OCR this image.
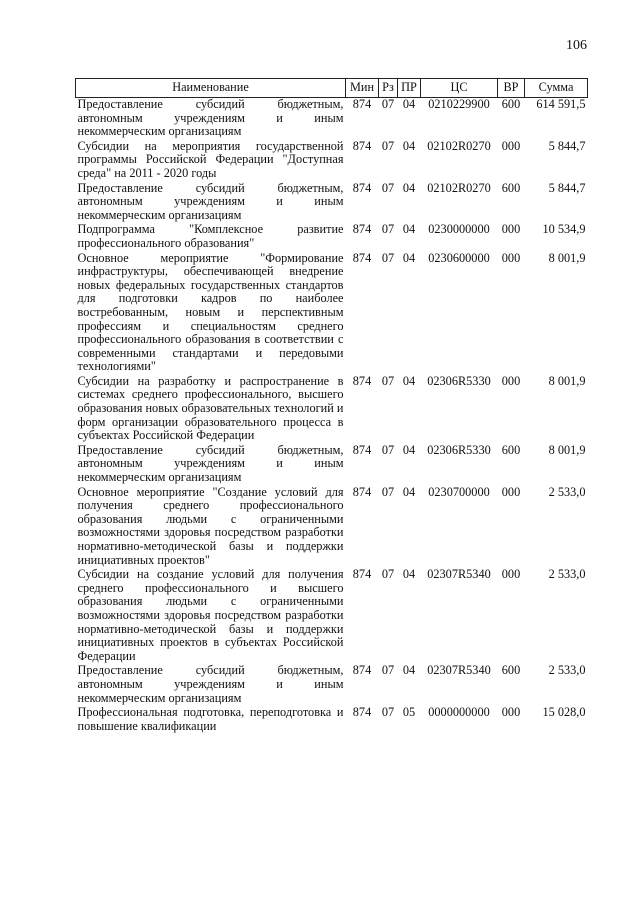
106
Наименование	Мин	Рз	ПР	ЦС	ВР	Сумма
Предоставление субсидий бюджетным, автономным учреждениям и иным некоммерческим организациям	874	07	04	0210229900	600	614 591,5
Субсидии на мероприятия государственной программы Российской Федерации "Доступная среда" на 2011 - 2020 годы	874	07	04	02102R0270	000	5 844,7
Предоставление субсидий бюджетным, автономным учреждениям и иным некоммерческим организациям	874	07	04	02102R0270	600	5 844,7
Подпрограмма "Комплексное развитие профессионального образования"	874	07	04	0230000000	000	10 534,9
Основное мероприятие "Формирование инфраструктуры, обеспечивающей внедрение новых федеральных государственных стандартов для подготовки кадров по наиболее востребованным, новым и перспективным профессиям и специальностям среднего профессионального образования в соответствии с современными стандартами и передовыми технологиями"	874	07	04	0230600000	000	8 001,9
Субсидии на разработку и распространение в системах среднего профессионального, высшего образования новых образовательных технологий и форм организации образовательного процесса в субъектах Российской Федерации	874	07	04	02306R5330	000	8 001,9
Предоставление субсидий бюджетным, автономным учреждениям и иным некоммерческим организациям	874	07	04	02306R5330	600	8 001,9
Основное мероприятие "Создание условий для получения среднего профессионального образования людьми с ограниченными возможностями здоровья посредством разработки нормативно-методической базы и поддержки инициативных проектов"	874	07	04	0230700000	000	2 533,0
Субсидии на создание условий для получения среднего профессионального и высшего образования людьми с ограниченными возможностями здоровья посредством разработки нормативно-методической базы и поддержки инициативных проектов в субъектах Российской Федерации	874	07	04	02307R5340	000	2 533,0
Предоставление субсидий бюджетным, автономным учреждениям и иным некоммерческим организациям	874	07	04	02307R5340	600	2 533,0
Профессиональная подготовка, переподготовка и повышение квалификации	874	07	05	0000000000	000	15 028,0
